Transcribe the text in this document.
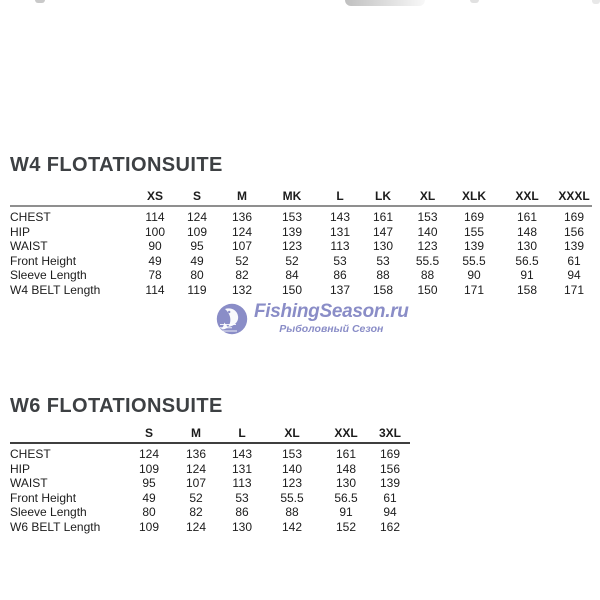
W4 FLOTATIONSUITE
	XS	S	M	MK	L	LK	XL	XLK	XXL	XXXL
CHEST	114	124	136	153	143	161	153	169	161	169
HIP	100	109	124	139	131	147	140	155	148	156
WAIST	90	95	107	123	113	130	123	139	130	139
Front Height	49	49	52	52	53	53	55.5	55.5	56.5	61
Sleeve Length	78	80	82	84	86	88	88	90	91	94
W4 BELT Length	114	119	132	150	137	158	150	171	158	171
FishingSeason.ru
Рыболовный Сезон
W6 FLOTATIONSUITE
	S	M	L	XL	XXL	3XL
CHEST	124	136	143	153	161	169
HIP	109	124	131	140	148	156
WAIST	95	107	113	123	130	139
Front Height	49	52	53	55.5	56.5	61
Sleeve Length	80	82	86	88	91	94
W6 BELT Length	109	124	130	142	152	162
